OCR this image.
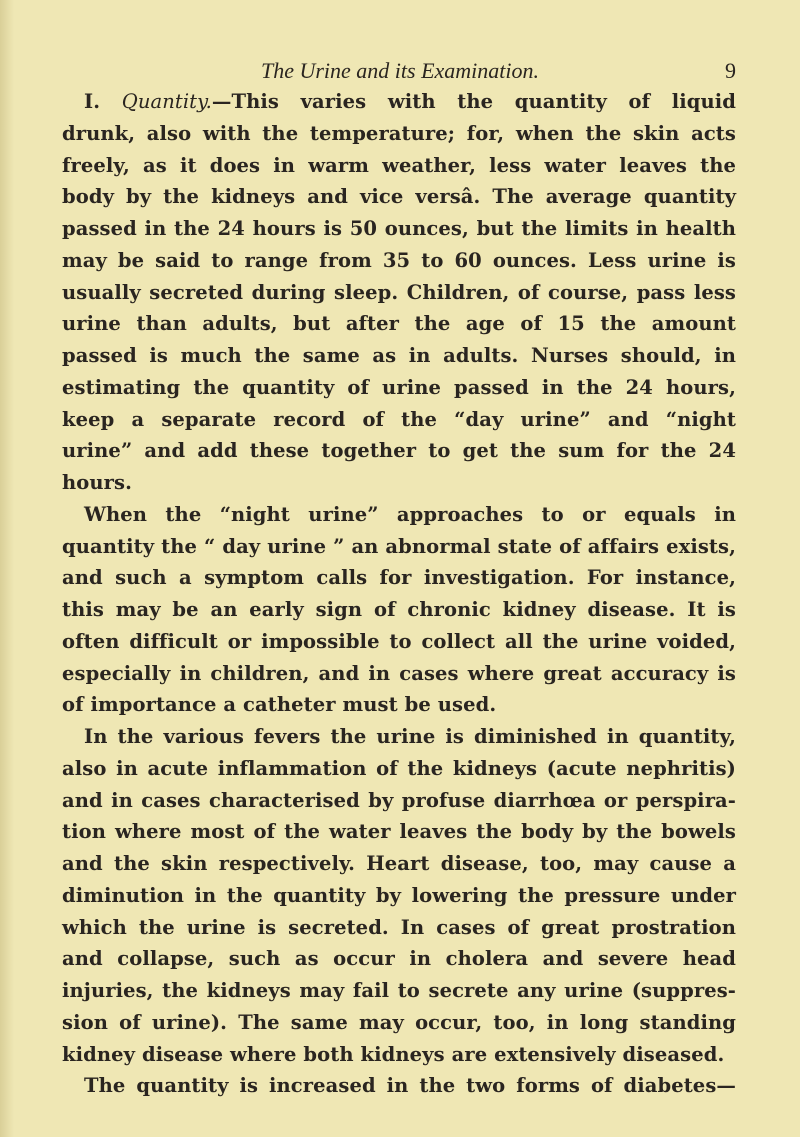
The Urine and its Examination.	9
I. Quantity.—This varies with the quantity of liquid
drunk, also with the temperature; for, when the skin acts
freely, as it does in warm weather, less water leaves the
body by the kidneys and vice versâ. The average quantity
passed in the 24 hours is 50 ounces, but the limits in health
may be said to range from 35 to 60 ounces. Less urine is
usually secreted during sleep. Children, of course, pass less
urine than adults, but after the age of 15 the amount
passed is much the same as in adults. Nurses should, in
estimating the quantity of urine passed in the 24 hours,
keep a separate record of the “day urine” and “night
urine” and add these together to get the sum for the 24
hours.
When the “night urine” approaches to or equals in
quantity the “ day urine ” an abnormal state of affairs exists,
and such a symptom calls for investigation. For instance,
this may be an early sign of chronic kidney disease. It is
often difficult or impossible to collect all the urine voided,
especially in children, and in cases where great accuracy is
of importance a catheter must be used.
In the various fevers the urine is diminished in quantity,
also in acute inflammation of the kidneys (acute nephritis)
and in cases characterised by profuse diarrhœa or perspira-
tion where most of the water leaves the body by the bowels
and the skin respectively. Heart disease, too, may cause a
diminution in the quantity by lowering the pressure under
which the urine is secreted. In cases of great prostration
and collapse, such as occur in cholera and severe head
injuries, the kidneys may fail to secrete any urine (suppres-
sion of urine). The same may occur, too, in long standing
kidney disease where both kidneys are extensively diseased.
The quantity is increased in the two forms of diabetes—
